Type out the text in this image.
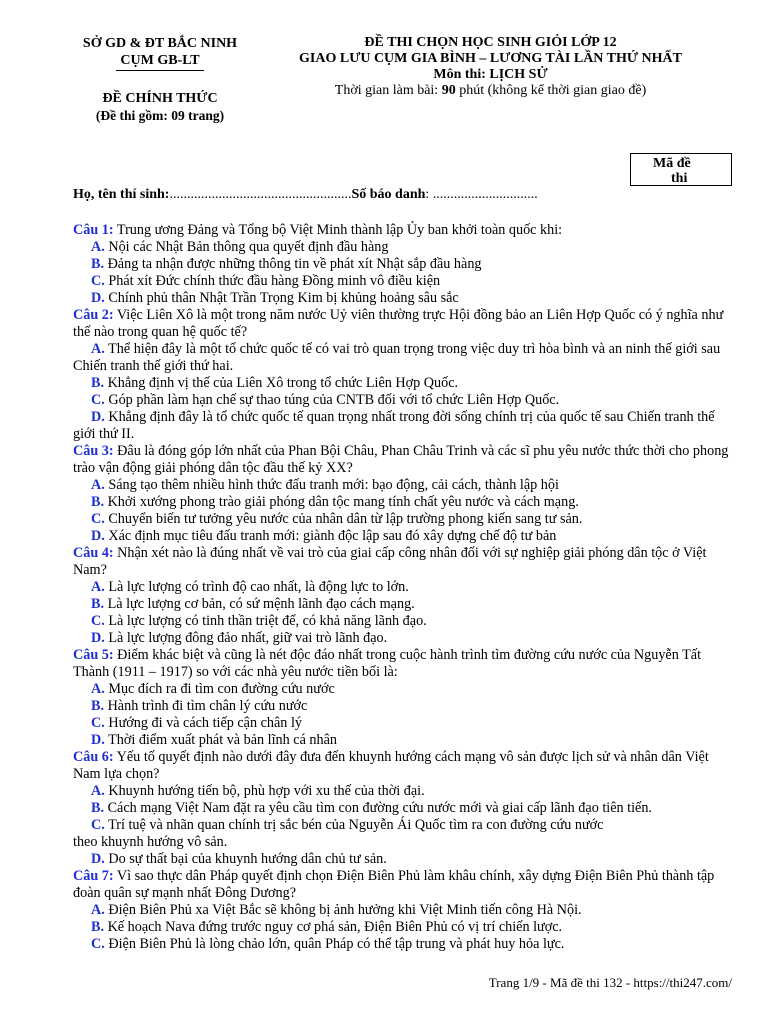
SỞ GD & ĐT BẮC NINH
CỤM GB-LT
ĐỀ CHÍNH THỨC
(Đề thi gồm: 09 trang)
ĐỀ THI CHỌN HỌC SINH GIỎI LỚP 12
GIAO LƯU CỤM GIA BÌNH – LƯƠNG TÀI LẦN THỨ NHẤT
Môn thi: LỊCH SỬ
Thời gian làm bài: 90 phút (không kể thời gian giao đề)
Mã đề
thi
Họ, tên thí sinh:....................................................Số báo danh: ..............................

Câu 1: Trung ương Đảng và Tổng bộ Việt Minh thành lập Ủy ban khởi toàn quốc khi:

A. Nội các Nhật Bản thông qua quyết định đầu hàng

B. Đảng ta nhận được những thông tin về phát xít Nhật sắp đầu hàng

C. Phát xít Đức chính thức đầu hàng Đồng minh vô điều kiện

D. Chính phủ thân Nhật Trần Trọng Kim bị khủng hoảng sâu sắc

Câu 2: Việc Liên Xô là một trong năm nước Uỷ viên thường trực Hội đồng bảo an Liên Hợp Quốc có ý nghĩa như thế nào trong quan hệ quốc tế?

A. Thể hiện đây là một tổ chức quốc tế có vai trò quan trọng trong việc duy trì hòa bình và an ninh thế giới sau Chiến tranh thế giới thứ hai.

B. Khẳng định vị thế của Liên Xô trong tổ chức Liên Hợp Quốc.

C. Góp phần làm hạn chế sự thao túng của CNTB đối với tổ chức Liên Hợp Quốc.

D. Khẳng định đây là tổ chức quốc tế quan trọng nhất trong đời sống chính trị của quốc tế sau Chiến tranh thế giới thứ II.

Câu 3: Đâu là đóng góp lớn nhất của Phan Bội Châu, Phan Châu Trinh và các sĩ phu yêu nước thức thời cho phong trào vận động giải phóng dân tộc đầu thế kỷ XX?

A. Sáng tạo thêm nhiều hình thức đấu tranh mới: bạo động, cải cách, thành lập hội

B. Khởi xướng phong trào giải phóng dân tộc mang tính chất yêu nước và cách mạng.

C. Chuyển biến tư tưởng yêu nước của nhân dân từ lập trường phong kiến sang tư sản.

D. Xác định mục tiêu đấu tranh mới: giành độc lập sau đó xây dựng chế độ tư bản

Câu 4: Nhận xét nào là đúng nhất về vai trò của giai cấp công nhân đối với sự nghiệp giải phóng dân tộc ở Việt Nam?

A. Là lực lượng có trình độ cao nhất, là động lực to lớn.

B. Là lực lượng cơ bản, có sứ mệnh lãnh đạo cách mạng.

C. Là lực lượng có tinh thần triệt để, có khả năng lãnh đạo.

D. Là lực lượng đông đảo nhất, giữ vai trò lãnh đạo.

Câu 5: Điểm khác biệt và cũng là nét độc đáo nhất trong cuộc hành trình tìm đường cứu nước của Nguyễn Tất Thành (1911 – 1917) so với các nhà yêu nước tiền bối là:

A. Mục đích ra đi tìm con đường cứu nước

B. Hành trình đi tìm chân lý cứu nước

C. Hướng đi và cách tiếp cận chân lý

D. Thời điểm xuất phát và bản lĩnh cá nhân

Câu 6: Yếu tố quyết định nào dưới đây đưa đến khuynh hướng cách mạng vô sản được lịch sử và nhân dân Việt Nam lựa chọn?

A. Khuynh hướng tiến bộ, phù hợp với xu thế của thời đại.

B. Cách mạng Việt Nam đặt ra yêu cầu tìm con đường cứu nước mới và giai cấp lãnh đạo tiên tiến.

C. Trí tuệ và nhãn quan chính trị sắc bén của Nguyễn Ái Quốc tìm ra con đường cứu nước

theo khuynh hướng vô sản.

D. Do sự thất bại của khuynh hướng dân chủ tư sản.

Câu 7: Vì sao thực dân Pháp quyết định chọn Điện Biên Phủ làm khâu chính, xây dựng Điện Biên Phủ thành tập đoàn quân sự mạnh nhất Đông Dương?

A. Điện Biên Phủ xa Việt Bắc sẽ không bị ảnh hưởng khi Việt Minh tiến công Hà Nội.

B. Kế hoạch Nava đứng trước nguy cơ phá sản, Điện Biên Phủ có vị trí chiến lược.

C. Điện Biên Phủ là lòng chảo lớn, quân Pháp có thể tập trung và phát huy hỏa lực.

Trang 1/9 - Mã đề thi 132 - https://thi247.com/
